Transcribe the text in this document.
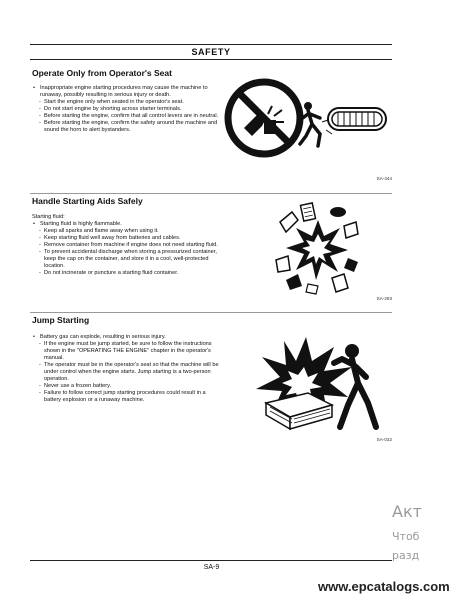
SAFETY
Operate Only from Operator's Seat

• Inappropriate engine starting procedures may cause the machine to runaway, possibly resulting in serious injury or death.

- Start the engine only when seated in the operator's seat.

- Do not start engine by shorting across starter terminals.

- Before starting the engine, confirm that all control levers are in neutral.

- Before starting the engine, confirm the safety around the machine and sound the horn to alert bystanders.

SA-444
Handle Starting Aids Safely

Starting fluid:

• Starting fluid is highly flammable.

- Keep all sparks and flame away when using it.

- Keep starting fluid well away from batteries and cables.

- Remove container from machine if engine does not need starting fluid.

- To prevent accidental discharge when storing a pressurized container, keep the cap on the container, and store it in a cool, well-protected location.

- Do not incinerate or puncture a starting fluid container.

SA-293
Jump Starting

• Battery gas can explode, resulting in serious injury.

- If the engine must be jump started, be sure to follow the instructions shown in the "OPERATING THE ENGINE" chapter in the operator's manual.

- The operator must be in the operator's seat so that the machine will be under control when the engine starts. Jump starting is a two-person operation.

- Never use a frozen battery.

- Failure to follow correct jump starting procedures could result in a battery explosion or a runaway machine.

SA-032
SA-9
www.epcatalogs.com
Акт
Чтоб
разд
